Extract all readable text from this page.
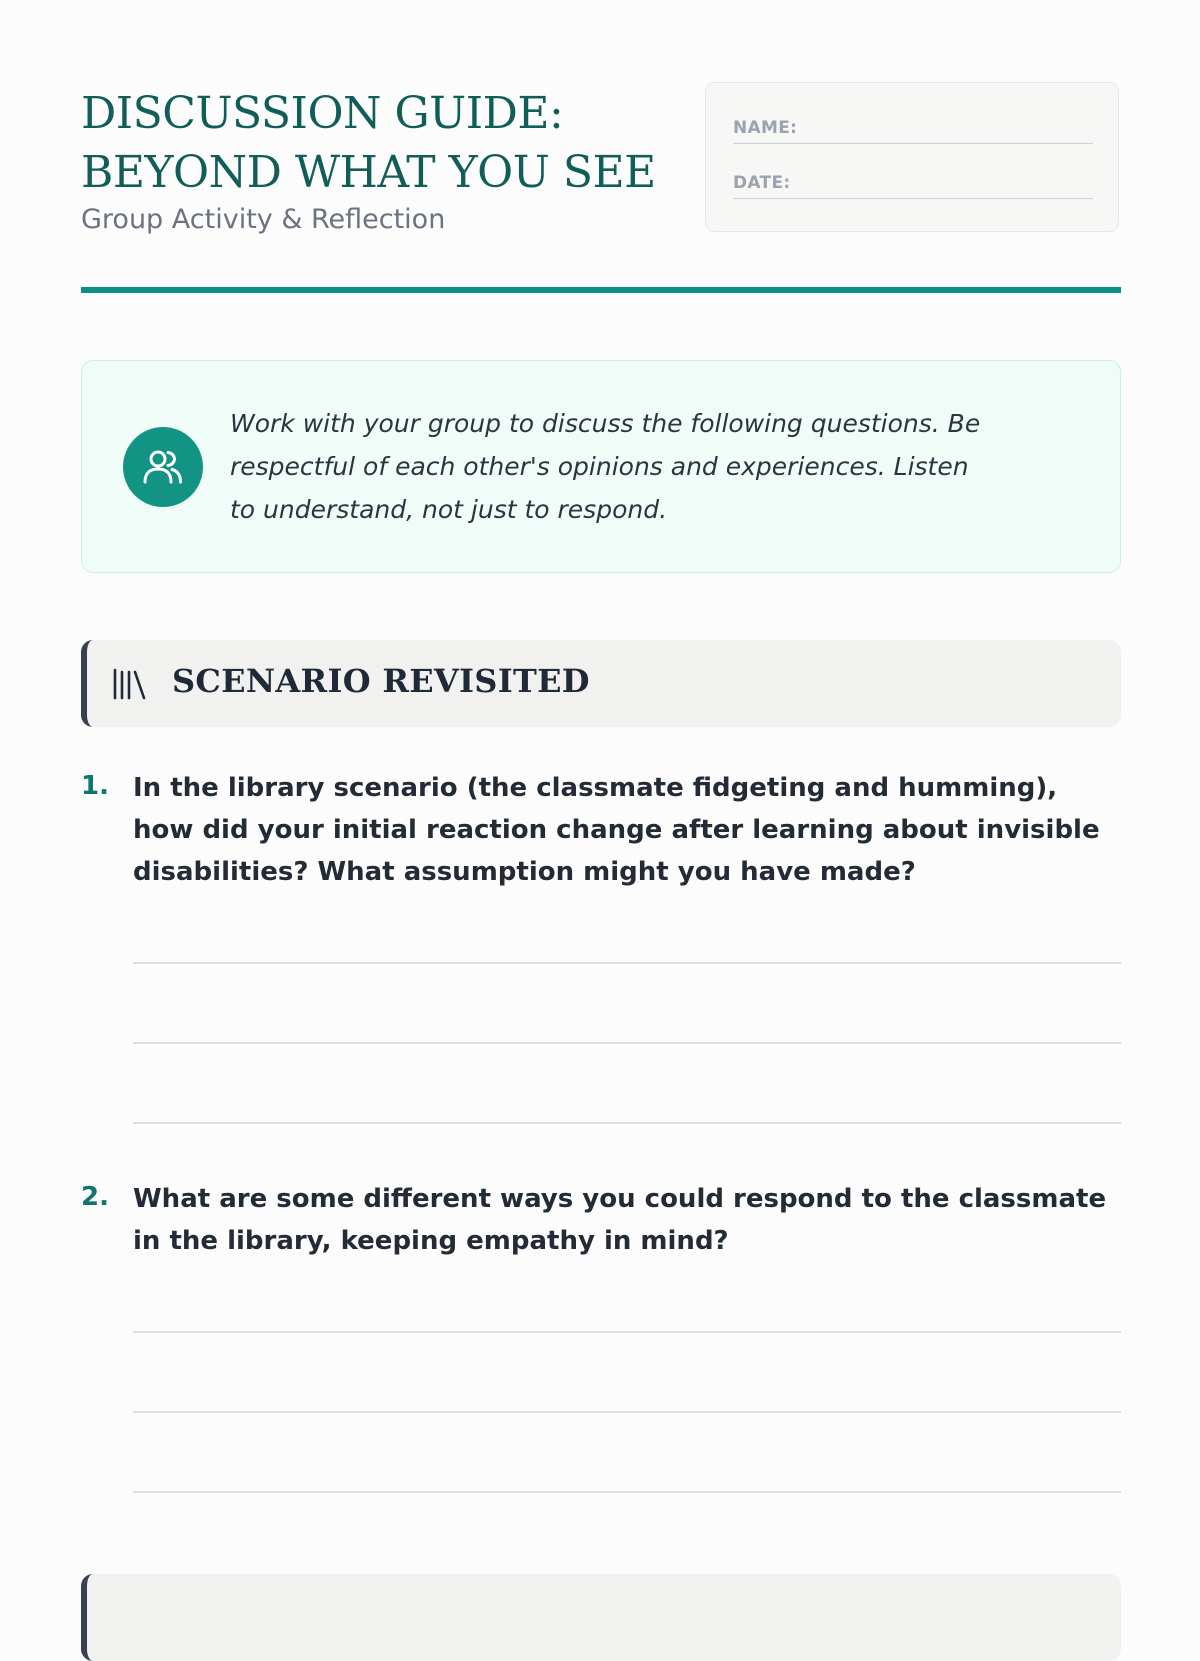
DISCUSSION GUIDE:
BEYOND WHAT YOU SEE
Group Activity & Reflection
NAME:
DATE:
Work with your group to discuss the following questions. Be respectful of each other's opinions and experiences. Listen to understand, not just to respond.
SCENARIO REVISITED
1. In the library scenario (the classmate fidgeting and humming), how did your initial reaction change after learning about invisible disabilities? What assumption might you have made?
2. What are some different ways you could respond to the classmate in the library, keeping empathy in mind?
